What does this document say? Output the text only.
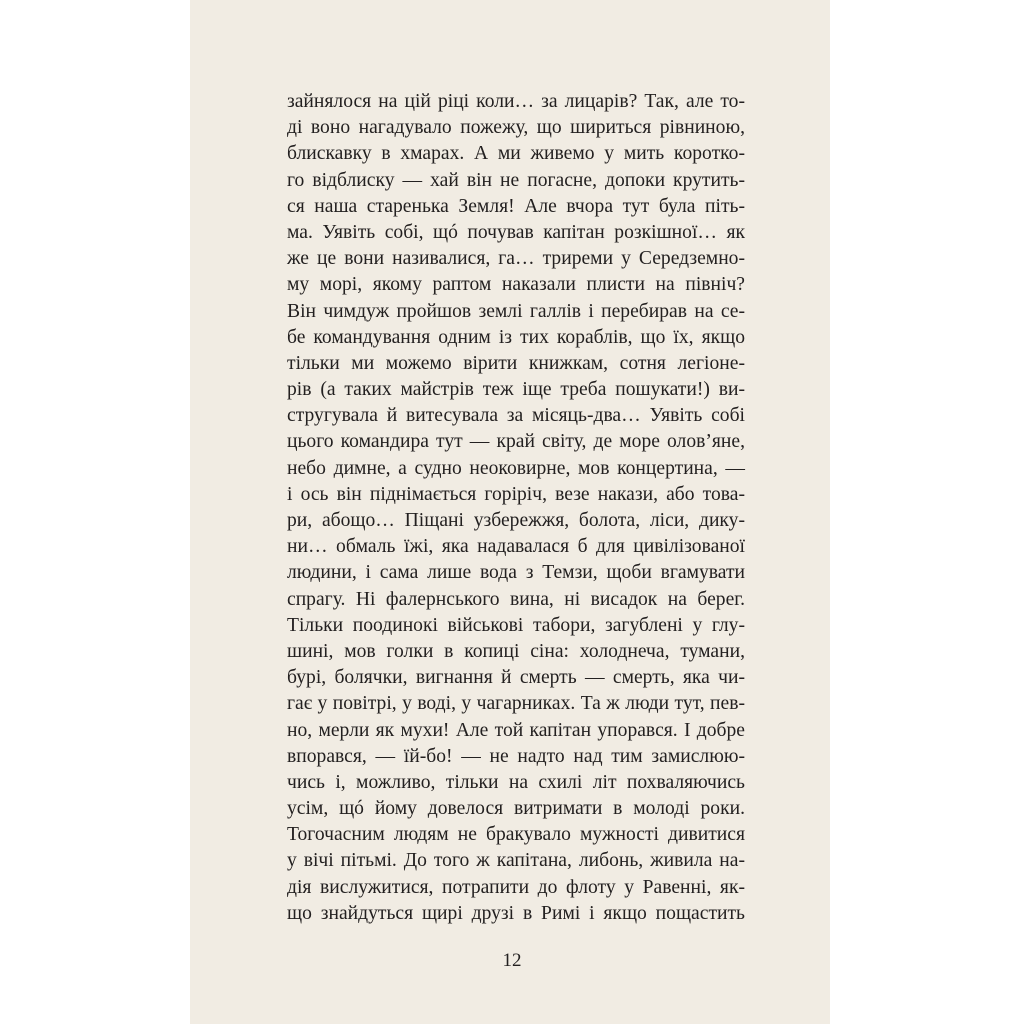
зайнялося на цій ріці коли… за лицарів? Так, але то-
ді воно нагадувало пожежу, що шириться рівниною,
блискавку в хмарах. А ми живемо у мить коротко-
го відблиску — хай він не погасне, допоки крутить-
ся наша старенька Земля! Але вчора тут була піть-
ма. Уявіть собі, щó почував капітан розкішної… як
же це вони називалися, га… триреми у Середземно-
му морі, якому раптом наказали плисти на північ?
Він чимдуж пройшов землі галлів і перебирав на се-
бе командування одним із тих кораблів, що їх, якщо
тільки ми можемо вірити книжкам, сотня легіоне-
рів (а таких майстрів теж іще треба пошукати!) ви-
стругувала й витесувала за місяць-два… Уявіть собі
цього командира тут — край світу, де море олов’яне,
небо димне, а судно неоковирне, мов концертина, —
і ось він піднімається горіріч, везе накази, або това-
ри, абощо… Піщані узбережжя, болота, ліси, дику-
ни… обмаль їжі, яка надавалася б для цивілізованої
людини, і сама лише вода з Темзи, щоби вгамувати
спрагу. Ні фалернського вина, ні висадок на берег.
Тільки поодинокі військові табори, загублені у глу-
шині, мов голки в копиці сіна: холоднеча, тумани,
бурі, болячки, вигнання й смерть — смерть, яка чи-
гає у повітрі, у воді, у чагарниках. Та ж люди тут, пев-
но, мерли як мухи! Але той капітан упорався. І добре
впорався, — їй-бо! — не надто над тим замислюю-
чись і, можливо, тільки на схилі літ похваляючись
усім, щó йому довелося витримати в молоді роки.
Тогочасним людям не бракувало мужності дивитися
у вічі пітьмі. До того ж капітана, либонь, живила на-
дія вислужитися, потрапити до флоту у Равенні, як-
що знайдуться щирі друзі в Римі і якщо пощастить
12
